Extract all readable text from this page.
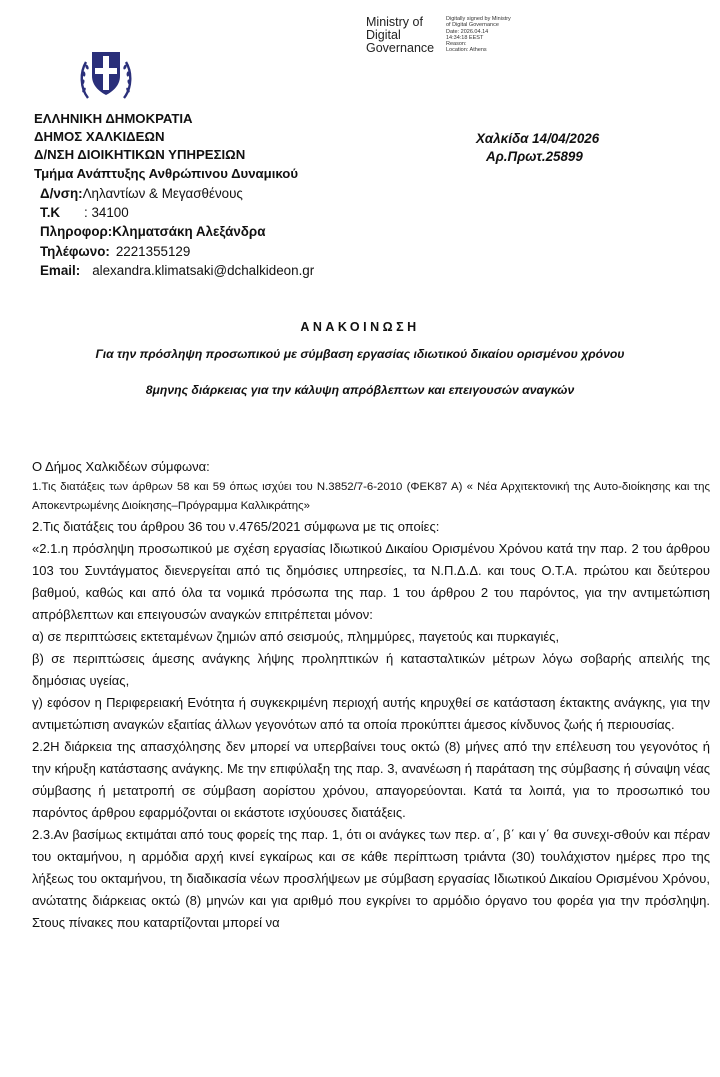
Ministry of Digital Governance
Digitally signed by Ministry
of Digital Governance
Date: 2026.04.14
14:34:18 EEST
Reason:
Location: Athens
ΕΛΛΗΝΙΚΗ ΔΗΜΟΚΡΑΤΙΑ
ΔΗΜΟΣ ΧΑΛΚΙΔΕΩΝ
Δ/ΝΣΗ ΔΙΟΙΚΗΤΙΚΩΝ ΥΠΗΡΕΣΙΩΝ
Τμήμα Ανάπτυξης Ανθρώπινου Δυναμικού
Δ/νση: Ληλαντίων & Μεγασθένους
Τ.Κ	: 34100
Πληροφορ: Κληματσάκη Αλεξάνδρα
Τηλέφωνο: 2221355129
Email: alexandra.klimatsaki@dchalkideon.gr
Χαλκίδα 14/04/2026
Αρ.Πρωτ.25899
ΑΝΑΚΟΙΝΩΣΗ
Για την πρόσληψη προσωπικού με σύμβαση εργασίας ιδιωτικού δικαίου ορισμένου χρόνου
8μηνης διάρκειας για την κάλυψη απρόβλεπτων και επειγουσών αναγκών

Ο Δήμος Χαλκιδέων σύμφωνα:

1.Τις διατάξεις των άρθρων 58 και 59 όπως ισχύει του Ν.3852/7-6-2010 (ΦΕΚ87 Α) « Νέα Αρχιτεκτονική της Αυτο-διοίκησης και της Αποκεντρωμένης Διοίκησης–Πρόγραμμα Καλλικράτης»

2.Τις διατάξεις του άρθρου 36 του ν.4765/2021 σύμφωνα με τις οποίες:

«2.1.η πρόσληψη προσωπικού με σχέση εργασίας Ιδιωτικού Δικαίου Ορισμένου Χρόνου κατά την παρ. 2 του άρθρου 103 του Συντάγματος διενεργείται από τις δημόσιες υπηρεσίες, τα Ν.Π.Δ.Δ. και τους Ο.Τ.Α. πρώτου και δεύτερου βαθμού, καθώς και από όλα τα νομικά πρόσωπα της παρ. 1 του άρθρου 2 του παρόντος, για την αντιμετώπιση απρόβλεπτων και επειγουσών αναγκών επιτρέπεται μόνον:

α) σε περιπτώσεις εκτεταμένων ζημιών από σεισμούς, πλημμύρες, παγετούς και πυρκαγιές,

β) σε περιπτώσεις άμεσης ανάγκης λήψης προληπτικών ή κατασταλτικών μέτρων λόγω σοβαρής απειλής της δημόσιας υγείας,

γ) εφόσον η Περιφερειακή Ενότητα ή συγκεκριμένη περιοχή αυτής κηρυχθεί σε κατάσταση έκτακτης ανάγκης, για την αντιμετώπιση αναγκών εξαιτίας άλλων γεγονότων από τα οποία προκύπτει άμεσος κίνδυνος ζωής ή περιουσίας.

2.2Η διάρκεια της απασχόλησης δεν μπορεί να υπερβαίνει τους οκτώ (8) μήνες από την επέλευση του γεγονότος ή την κήρυξη κατάστασης ανάγκης. Με την επιφύλαξη της παρ. 3, ανανέωση ή παράταση της σύμβασης ή σύναψη νέας σύμβασης ή μετατροπή σε σύμβαση αορίστου χρόνου, απαγορεύονται. Κατά τα λοιπά, για το προσωπικό του παρόντος άρθρου εφαρμόζονται οι εκάστοτε ισχύουσες διατάξεις.

2.3.Αν βασίμως εκτιμάται από τους φορείς της παρ. 1, ότι οι ανάγκες των περ. α΄, β΄ και γ΄ θα συνεχι-σθούν και πέραν του οκταμήνου, η αρμόδια αρχή κινεί εγκαίρως και σε κάθε περίπτωση τριάντα (30) τουλάχιστον ημέρες προ της λήξεως του οκταμήνου, τη διαδικασία νέων προσλήψεων με σύμβαση εργασίας Ιδιωτικού Δικαίου Ορισμένου Χρόνου, ανώτατης διάρκειας οκτώ (8) μηνών και για αριθμό που εγκρίνει το αρμόδιο όργανο του φορέα για την πρόσληψη. Στους πίνακες που καταρτίζονται μπορεί να
